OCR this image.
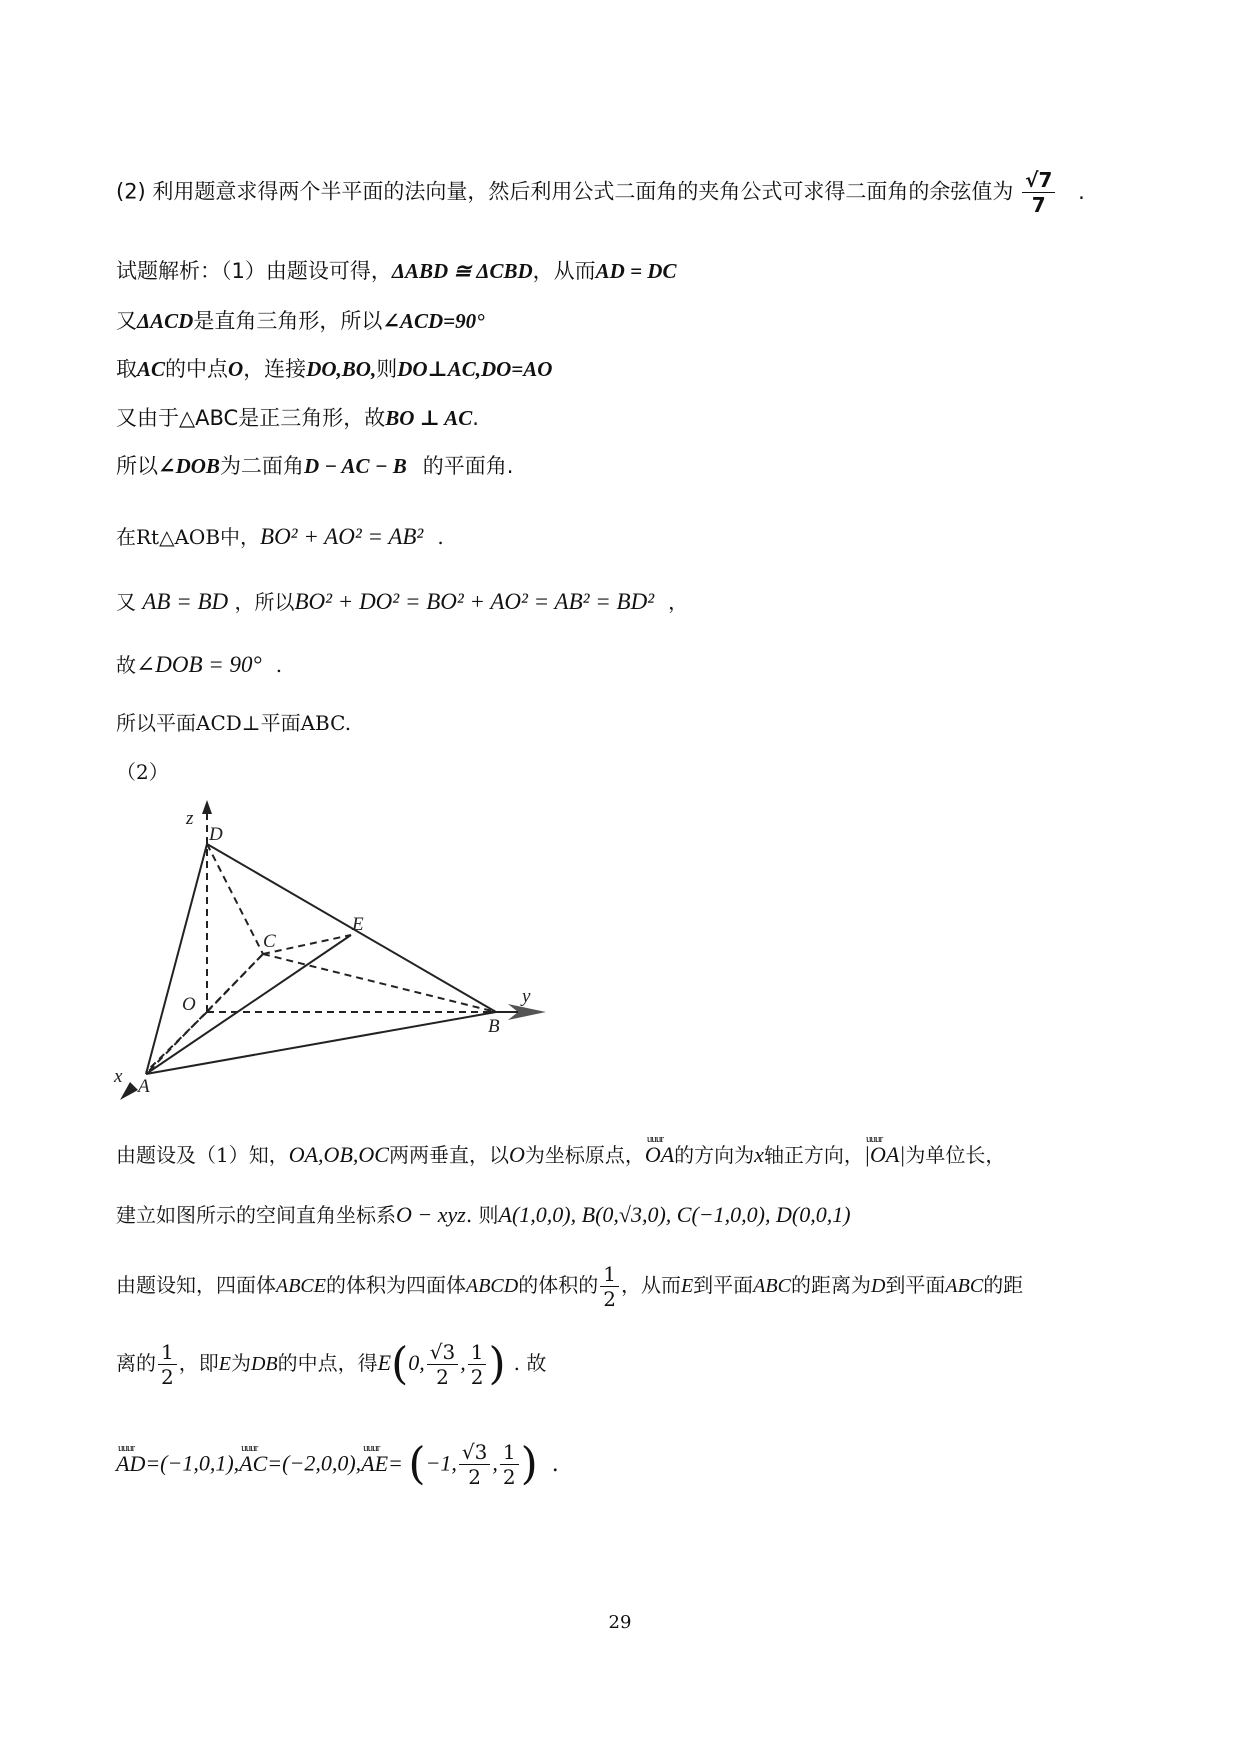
(2) 利用题意求得两个半平面的法向量，然后利用公式二面角的夹角公式可求得二面角的余弦值为 $\frac{√7}{7}$ .
试题解析：（1）由题设可得，ΔABD ≅ ΔCBD，从而AD = DC
又ΔACD是直角三角形，所以∠ACD=90°
取AC的中点O，连接DO,BO,则DO⊥AC,DO=AO
又由于△ABC是正三角形，故BO ⊥ AC.
所以∠DOB为二面角D − AC − B 的平面角.
在Rt△AOB中，BO² + AO² = AB² .
又 AB = BD ，所以BO² + DO² = BO² + AO² = AB² = BD² ，
故∠DOB = 90° .
所以平面ACD⊥平面ABC.
（2）
z
D
C
E
O	y
B
x A
由题设及（1）知，OA,OB,OC两两垂直，以O为坐标原点，uuur OA的方向为x轴正方向，uuur |OA|为单位长，
建立如图所示的空间直角坐标系O − xyz. 则A(1,0,0), B(0,√3,0), C(−1,0,0), D(0,0,1)
由题设知，四面体ABCE的体积为四面体ABCD的体积的 $\frac{1}{2}$ ，从而E到平面ABC的距离为D到平面ABC的距
离的 $\frac{1}{2}$ ，即E为DB的中点，得E(0, $\frac{√3}{2}$ , $\frac{1}{2}$ ) . 故
uuur AD=(−1,0,1),uuur AC=(−2,0,0),uuur AE= (−1, $\frac{√3}{2}$ , $\frac{1}{2}$ ) .
29
